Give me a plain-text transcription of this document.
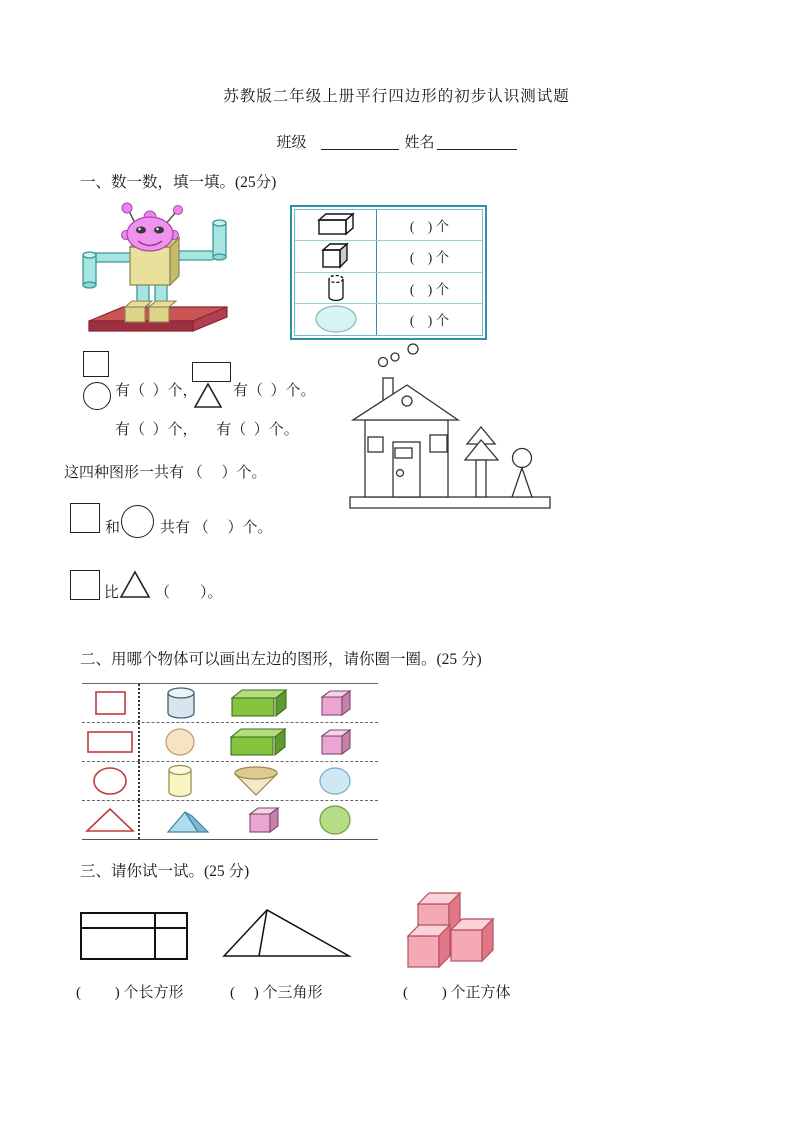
苏教版二年级上册平行四边形的初步认识测试题
班级	姓名
一、数一数，填一填。(25分)
(    ) 个
(    ) 个
(    ) 个
(    ) 个
有（  ）个， 有（  ）个。
有（  ）个，     有（  ）个。
这四种图形一共有 （     ）个。
和	共有 （     ）个。
比 （        ）。
二、用哪个物体可以画出左边的图形，请你圈一圈。(25 分)
三、请你试一试。(25 分)
(         ) 个长方形	(     ) 个三角形	(         ) 个正方体
